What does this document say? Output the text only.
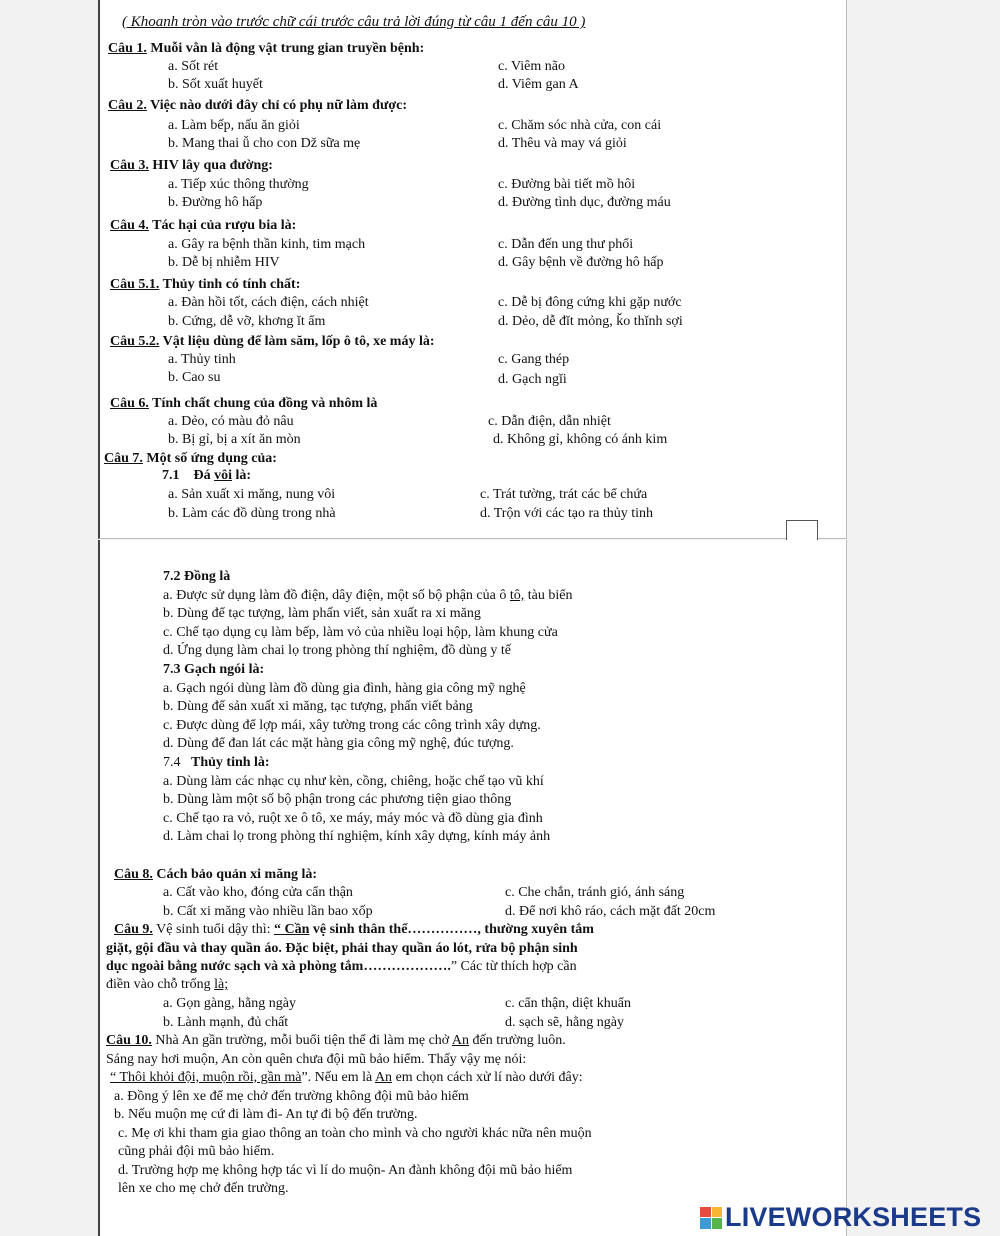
( Khoanh tròn vào trước chữ cái trước câu trả lời đúng từ câu 1 đến câu 10 )
Câu 1. Muỗi vằn là động vật trung gian truyền bệnh:
a. Sốt rét	c. Viêm não
b. Sốt xuất huyết	d. Viêm gan A
Câu 2. Việc nào dưới đây chỉ có phụ nữ làm được:
a. Làm bếp, nấu ăn giỏi	c. Chăm sóc nhà cửa, con cái
b. Mang thai ǚ cho con ǅ sữa mẹ	d. Thêu và may vá giỏi
Câu 3. HIV lây qua đường:
a. Tiếp xúc thông thường	c. Đường bài tiết mồ hôi
b. Đường hô hấp	d. Đường tình dục, đường máu
Câu 4. Tác hại của rượu bia là:
a. Gây ra bệnh thần kinh, tim mạch	c. Dẫn đến ung thư phổi
b. Dễ bị nhiễm HIV	d. Gây bệnh về đường hô hấp
Câu 5.1. Thủy tinh có tính chất:
a. Đàn hồi tốt, cách điện, cách nhiệt	c. Dễ bị đông cứng khi gặp nước
b. Cứng, dễ vỡ, khơng ǐt ẩm	d. Dẻo, dễ đǐt mỏng, ǩo thǐnh sợi
Câu 5.2. Vật liệu dùng để làm săm, lốp ô tô, xe máy là:
a. Thủy tinh	c. Gang thép
b. Cao su	d. Gạch ngǐi
Câu 6. Tính chất chung của đồng và nhôm là
a. Dẻo, có màu đỏ nâu	c. Dẫn điện, dẫn nhiệt
b. Bị gỉ, bị a xít ăn mòn	d. Không gỉ, không có ánh kim
Câu 7. Một số ứng dụng của:
7.1 Đá vôi là:
a. Sản xuất xi măng, nung vôi	c. Trát tường, trát các bể chứa
b. Làm các đồ dùng trong nhà	d. Trộn với các tạo ra thủy tinh
7.2 Đồng là
a. Được sử dụng làm đồ điện, dây điện, một số bộ phận của ô tô, tàu biển
b. Dùng để tạc tượng, làm phấn viết, sản xuất ra xi măng
c. Chế tạo dụng cụ làm bếp, làm vỏ của nhiều loại hộp, làm khung cửa
d. Ứng dụng làm chai lọ trong phòng thí nghiệm, đồ dùng y tế
7.3 Gạch ngói là:
a. Gạch ngói dùng làm đồ dùng gia đình, hàng gia công mỹ nghệ
b. Dùng để sản xuất xi măng, tạc tượng, phấn viết bảng
c. Được dùng để lợp mái, xây tường trong các công trình xây dựng.
d. Dùng để đan lát các mặt hàng gia công mỹ nghệ, đúc tượng.
7.4 Thủy tinh là:
a. Dùng làm các nhạc cụ như kèn, cồng, chiêng, hoặc chế tạo vũ khí
b. Dùng làm một số bộ phận trong các phương tiện giao thông
c. Chế tạo ra vỏ, ruột xe ô tô, xe máy, máy móc và đồ dùng gia đình
d. Làm chai lọ trong phòng thí nghiệm, kính xây dựng, kính máy ảnh
Câu 8. Cách bảo quản xi măng là:
a. Cất vào kho, đóng cửa cẩn thận	c. Che chắn, tránh gió, ánh sáng
b. Cất xi măng vào nhiều lần bao xốp	d. Để nơi khô ráo, cách mặt đất 20cm
Câu 9. Vệ sinh tuổi dậy thì: “ Cần vệ sinh thân thể……………, thường xuyên tắm
giặt, gội đầu và thay quần áo. Đặc biệt, phải thay quần áo lót, rửa bộ phận sinh
dục ngoài bằng nước sạch và xà phòng tắm……………….” Các từ thích hợp cần
điền vào chỗ trống là;
a. Gọn gàng, hằng ngày	c. cẩn thận, diệt khuẩn
b. Lành mạnh, đủ chất	d. sạch sẽ, hằng ngày
Câu 10. Nhà An gần trường, mỗi buổi tiện thể đi làm mẹ chở An đến trường luôn.
Sáng nay hơi muộn, An còn quên chưa đội mũ bảo hiểm. Thấy vậy mẹ nói:
“ Thôi khỏi đội, muộn rồi, gần mà”. Nếu em là An em chọn cách xử lí nào dưới đây:
a. Đồng ý lên xe để mẹ chở đến trường không đội mũ bảo hiểm
b. Nếu muộn mẹ cứ đi làm đi- An tự đi bộ đến trường.
c. Mẹ ơi khi tham gia giao thông an toàn cho mình và cho người khác nữa nên muộn
cũng phải đội mũ bảo hiểm.
d. Trường hợp mẹ không hợp tác vì lí do muộn- An đành không đội mũ bảo hiểm
lên xe cho mẹ chở đến trường.
LIVEWORKSHEETS
